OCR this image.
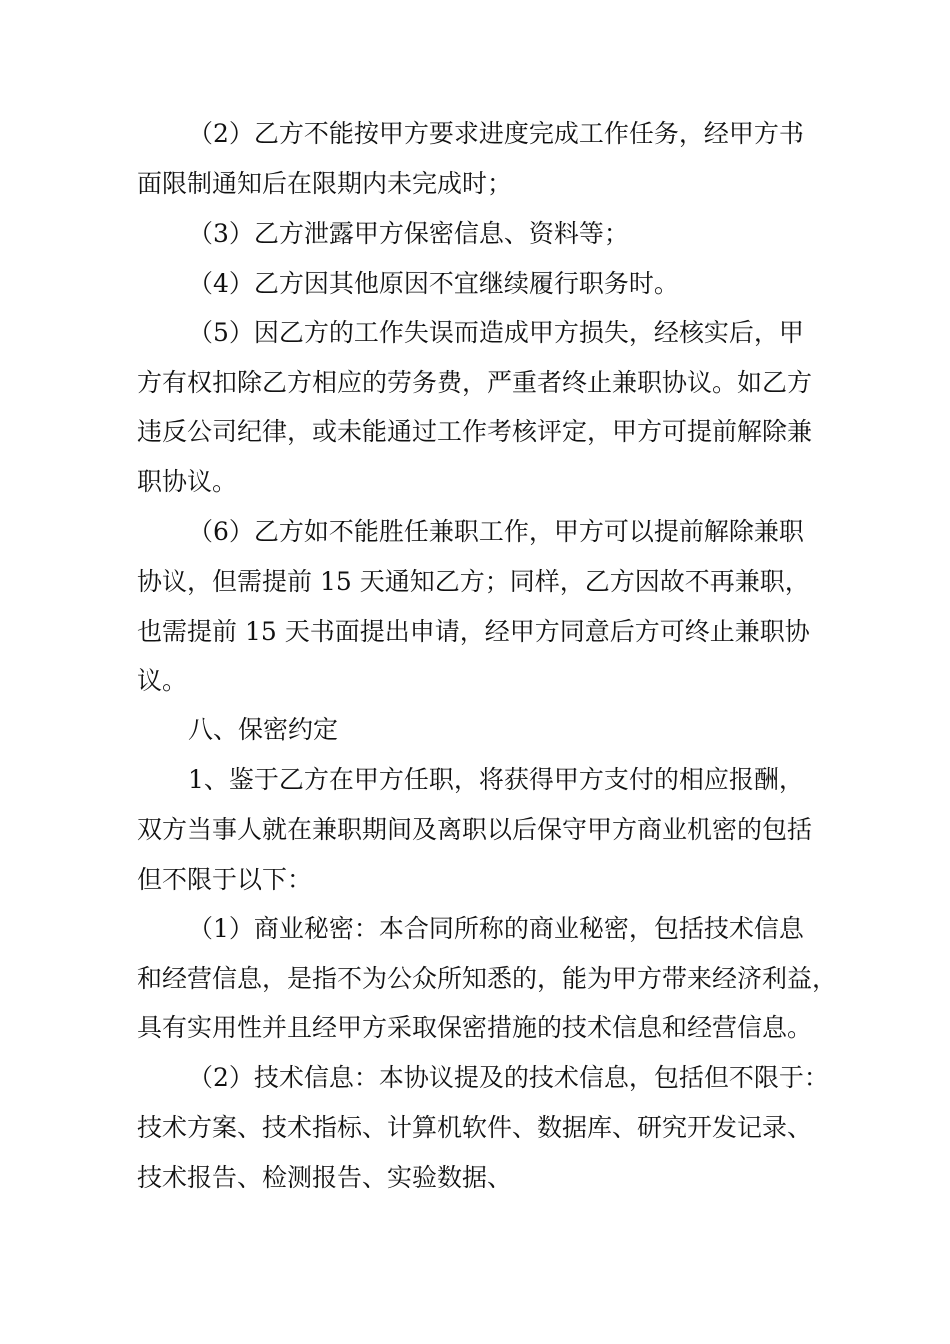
（2）乙方不能按甲方要求进度完成工作任务，经甲方书
面限制通知后在限期内未完成时；
（3）乙方泄露甲方保密信息、资料等；
（4）乙方因其他原因不宜继续履行职务时。
（5）因乙方的工作失误而造成甲方损失，经核实后，甲
方有权扣除乙方相应的劳务费，严重者终止兼职协议。如乙方
违反公司纪律，或未能通过工作考核评定，甲方可提前解除兼
职协议。
（6）乙方如不能胜任兼职工作，甲方可以提前解除兼职
协议，但需提前 15 天通知乙方；同样，乙方因故不再兼职，
也需提前 15 天书面提出申请，经甲方同意后方可终止兼职协
议。
八、保密约定
1、鉴于乙方在甲方任职，将获得甲方支付的相应报酬，
双方当事人就在兼职期间及离职以后保守甲方商业机密的包括
但不限于以下：
（1）商业秘密：本合同所称的商业秘密，包括技术信息
和经营信息，是指不为公众所知悉的，能为甲方带来经济利益，
具有实用性并且经甲方采取保密措施的技术信息和经营信息。
（2）技术信息：本协议提及的技术信息，包括但不限于：
技术方案、技术指标、计算机软件、数据库、研究开发记录、
技术报告、检测报告、实验数据、
